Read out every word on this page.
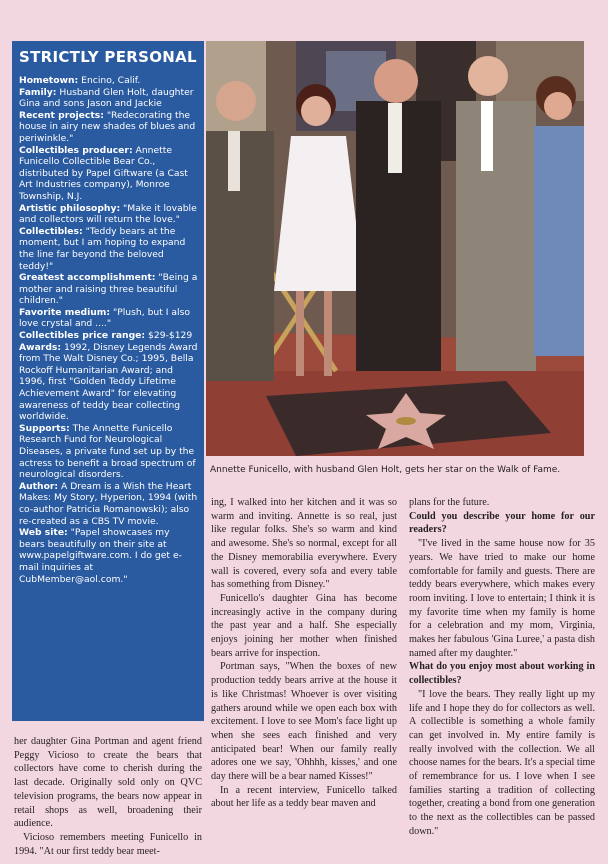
STRICTLY PERSONAL

Hometown: Encino, Calif.

Family: Husband Glen Holt, daughter Gina and sons Jason and Jackie

Recent projects: "Redecorating the house in airy new shades of blues and periwinkle."

Collectibles producer: Annette Funicello Collectible Bear Co., distributed by Papel Giftware (a Cast Art Industries company), Monroe Township, N.J.

Artistic philosophy: "Make it lovable and collectors will return the love."

Collectibles: "Teddy bears at the moment, but I am hoping to expand the line far beyond the beloved teddy!"

Greatest accomplishment: "Being a mother and raising three beautiful children."

Favorite medium: "Plush, but I also love crystal and ...."

Collectibles price range: $29-$129

Awards: 1992, Disney Legends Award from The Walt Disney Co.; 1995, Bella Rockoff Humanitarian Award; and 1996, first "Golden Teddy Lifetime Achievement Award" for elevating awareness of teddy bear collecting worldwide.

Supports: The Annette Funicello Research Fund for Neurological Diseases, a private fund set up by the actress to benefit a broad spectrum of neurological disorders.

Author: A Dream is a Wish the Heart Makes: My Story, Hyperion, 1994 (with co-author Patricia Romanowski); also re-created as a CBS TV movie.

Web site: "Papel showcases my bears beautifully on their site at www.papelgiftware.com. I do get e-mail inquiries at CubMember@aol.com."

Annette Funicello, with husband Glen Holt, gets her star on the Walk of Fame.

her daughter Gina Portman and agent friend Peggy Vicioso to create the bears that collectors have come to cherish during the last decade. Originally sold only on QVC television programs, the bears now appear in retail shops as well, broadening their audience.

Vicioso remembers meeting Funicello in 1994. "At our first teddy bear meet-

ing, I walked into her kitchen and it was so warm and inviting. Annette is so real, just like regular folks. She's so warm and kind and awesome. She's so normal, except for all the Disney memorabilia everywhere. Every wall is covered, every sofa and every table has something from Disney."

Funicello's daughter Gina has become increasingly active in the company during the past year and a half. She especially enjoys joining her mother when finished bears arrive for inspection.

Portman says, "When the boxes of new production teddy bears arrive at the house it is like Christmas! Whoever is over visiting gathers around while we open each box with excitement. I love to see Mom's face light up when she sees each finished and very anticipated bear! When our family really adores one we say, 'Ohhhh, kisses,' and one day there will be a bear named Kisses!"

In a recent interview, Funicello talked about her life as a teddy bear maven and

plans for the future.

Could you describe your home for our readers?

"I've lived in the same house now for 35 years. We have tried to make our home comfortable for family and guests. There are teddy bears everywhere, which makes every room inviting. I love to entertain; I think it is my favorite time when my family is home for a celebration and my mom, Virginia, makes her fabulous 'Gina Luree,' a pasta dish named after my daughter."

What do you enjoy most about working in collectibles?

"I love the bears. They really light up my life and I hope they do for collectors as well. A collectible is something a whole family can get involved in. My entire family is really involved with the collection. We all choose names for the bears. It's a special time of remembrance for us. I love when I see families starting a tradition of collecting together, creating a bond from one generation to the next as the collectibles can be passed down."
